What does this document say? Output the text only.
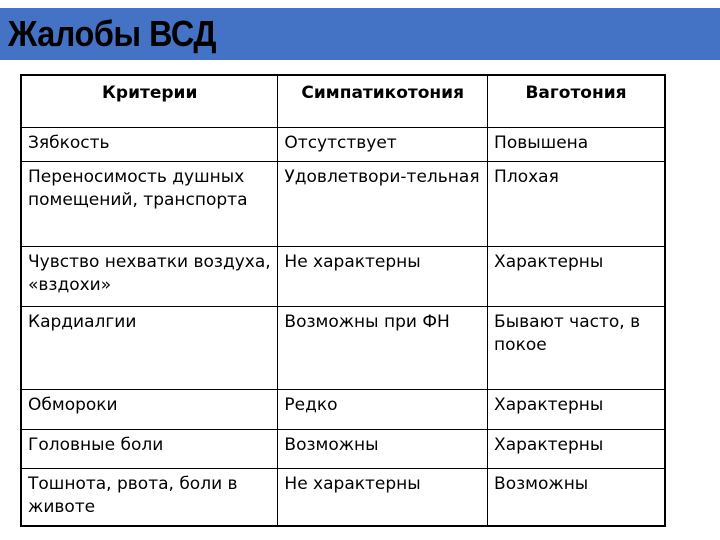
Жалобы ВСД
Критерии	Симпатикотония	Ваготония
Зябкость	Отсутствует	Повышена
Переносимость душных помещений, транспорта	Удовлетвори-тельная	Плохая
Чувство нехватки воздуха, «вздохи»	Не характерны	Характерны
Кардиалгии	Возможны при ФН	Бывают часто, в покое
Обмороки	Редко	Характерны
Головные боли	Возможны	Характерны
Тошнота, рвота, боли в животе	Не характерны	Возможны
